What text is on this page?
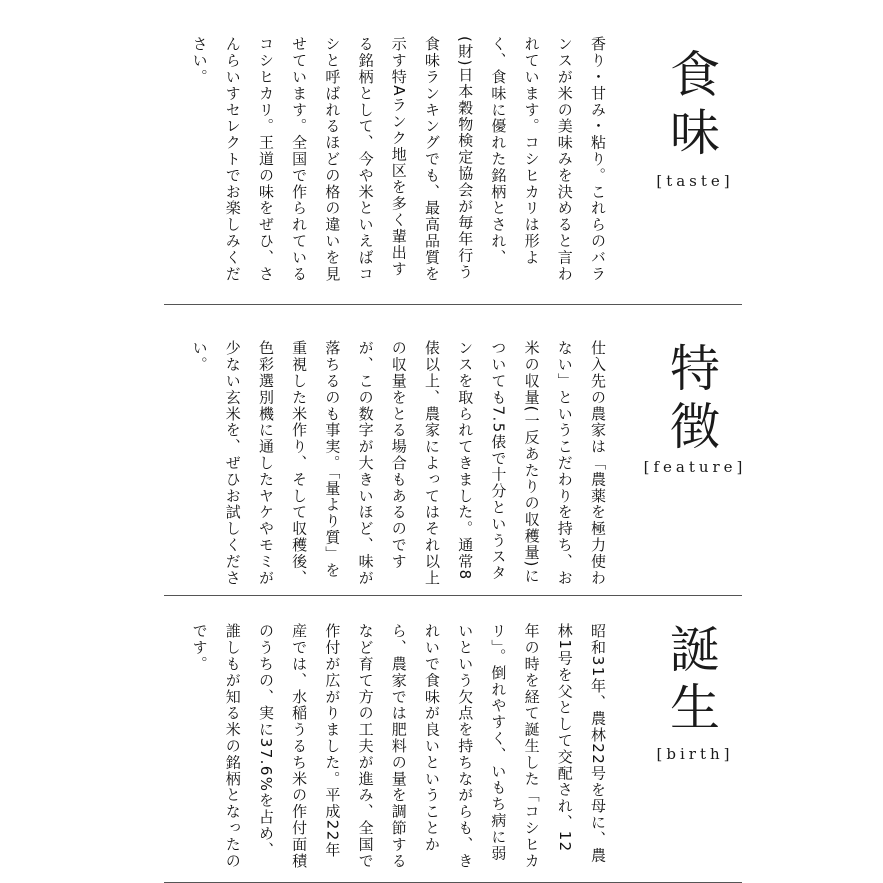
香り・甘み・粘り。これらのバランスが米の美味みを決めると言われています。コシヒカリは形よく、食味に優れた銘柄とされ、(財)日本穀物検定協会が毎年行う食味ランキングでも、最高品質を示す特Aランク地区を多く輩出する銘柄として、今や米といえばコシと呼ばれるほどの格の違いを見せています。全国で作られているコシヒカリ。王道の味をぜひ、さんらいすセレクトでお楽しみください。	食
味
[taste]
仕入先の農家は「農薬を極力使わない」というこだわりを持ち、お米の収量(一反あたりの収穫量)についても7.5俵で十分というスタンスを取られてきました。通常8俵以上、農家によってはそれ以上の収量をとる場合もあるのですが、この数字が大きいほど、味が落ちるのも事実。「量より質」を重視した米作り、そして収穫後、色彩選別機に通したヤケやモミが少ない玄米を、ぜひお試しください。	特
徴
[feature]
昭和31年、農林22号を母に、農林1号を父として交配され、12年の時を経て誕生した「コシヒカリ」。倒れやすく、いもち病に弱いという欠点を持ちながらも、きれいで食味が良いということから、農家では肥料の量を調節するなど育て方の工夫が進み、全国で作付が広がりました。平成22年産では、水稲うるち米の作付面積のうちの、実に37.6%を占め、誰しもが知る米の銘柄となったのです。	誕
生
[birth]
